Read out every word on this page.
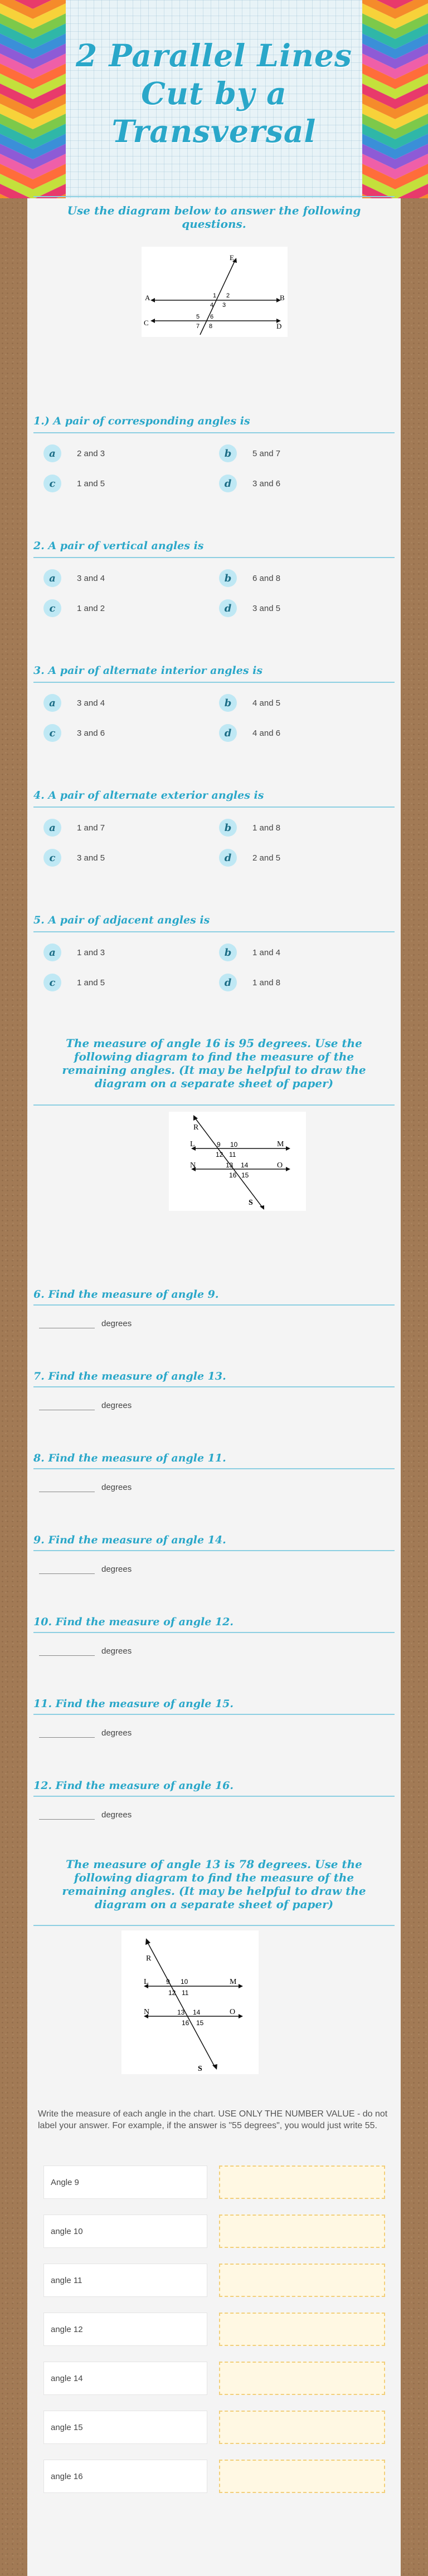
2 Parallel Lines Cut by a Transversal
Use the diagram below to answer the following questions.
E
A	B
C	D
1 2
3
4
5 6
7 8
1.) A pair of corresponding angles is
a	2 and 3	b	5 and 7
c	1 and 5	d	3 and 6
2. A pair of vertical angles is
a	3 and 4	b	6 and 8
c	1 and 2	d	3 and 5
3. A pair of alternate interior angles is
a	3 and 4	b	4 and 5
c	3 and 6	d	4 and 6
4. A pair of alternate exterior angles is
a	1 and 7	b	1 and 8
c	3 and 5	d	2 and 5
5. A pair of adjacent angles is
a	1 and 3	b	1 and 4
c	1 and 5	d	1 and 8
The measure of angle 16 is 95 degrees. Use the following diagram to find the measure of the remaining angles. (It may be helpful to draw the diagram on a separate sheet of paper)
R
L	M
N	O
S
9 10
12 11
13 14
16 15
6. Find the measure of angle 9.
degrees
7. Find the measure of angle 13.
degrees
8. Find the measure of angle 11.
degrees
9. Find the measure of angle 14.
degrees
10. Find the measure of angle 12.
degrees
11. Find the measure of angle 15.
degrees
12. Find the measure of angle 16.
degrees
The measure of angle 13 is 78 degrees. Use the following diagram to find the measure of the remaining angles. (It may be helpful to draw the diagram on a separate sheet of paper)
R
L	M
N	O
S
9 10
12 11
13 14
16 15
Write the measure of each angle in the chart. USE ONLY THE NUMBER VALUE - do not label your answer. For example, if the answer is "55 degrees", you would just write 55.
Angle 9
angle 10
angle 11
angle 12
angle 14
angle 15
angle 16
